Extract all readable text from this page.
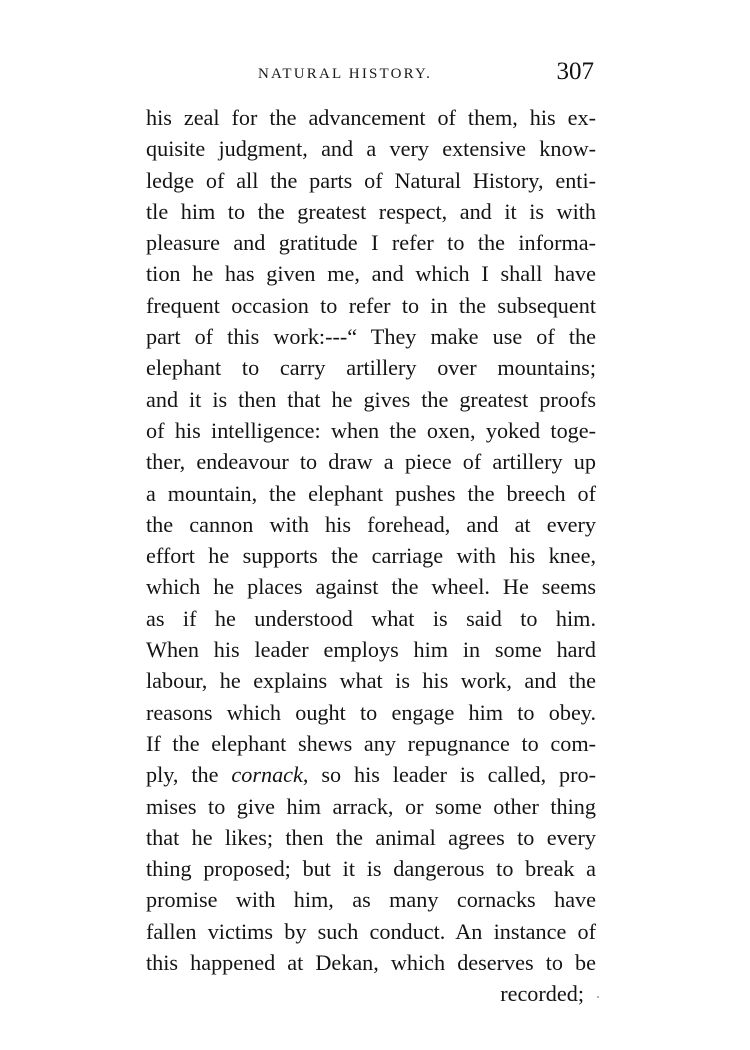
NATURAL HISTORY.	307
his zeal for the advancement of them, his ex-
quisite judgment, and a very extensive know-
ledge of all the parts of Natural History, enti-
tle him to the greatest respect, and it is with
pleasure and gratitude I refer to the informa-
tion he has given me, and which I shall have
frequent occasion to refer to in the subsequent
part of this work:---“ They make use of the
elephant to carry artillery over mountains;
and it is then that he gives the greatest proofs
of his intelligence: when the oxen, yoked toge-
ther, endeavour to draw a piece of artillery up
a mountain, the elephant pushes the breech of
the cannon with his forehead, and at every
effort he supports the carriage with his knee,
which he places against the wheel. He seems
as if he understood what is said to him.
When his leader employs him in some hard
labour, he explains what is his work, and the
reasons which ought to engage him to obey.
If the elephant shews any repugnance to com-
ply, the cornack, so his leader is called, pro-
mises to give him arrack, or some other thing
that he likes; then the animal agrees to every
thing proposed; but it is dangerous to break a
promise with him, as many cornacks have
fallen victims by such conduct. An instance of
this happened at Dekan, which deserves to be
recorded;
